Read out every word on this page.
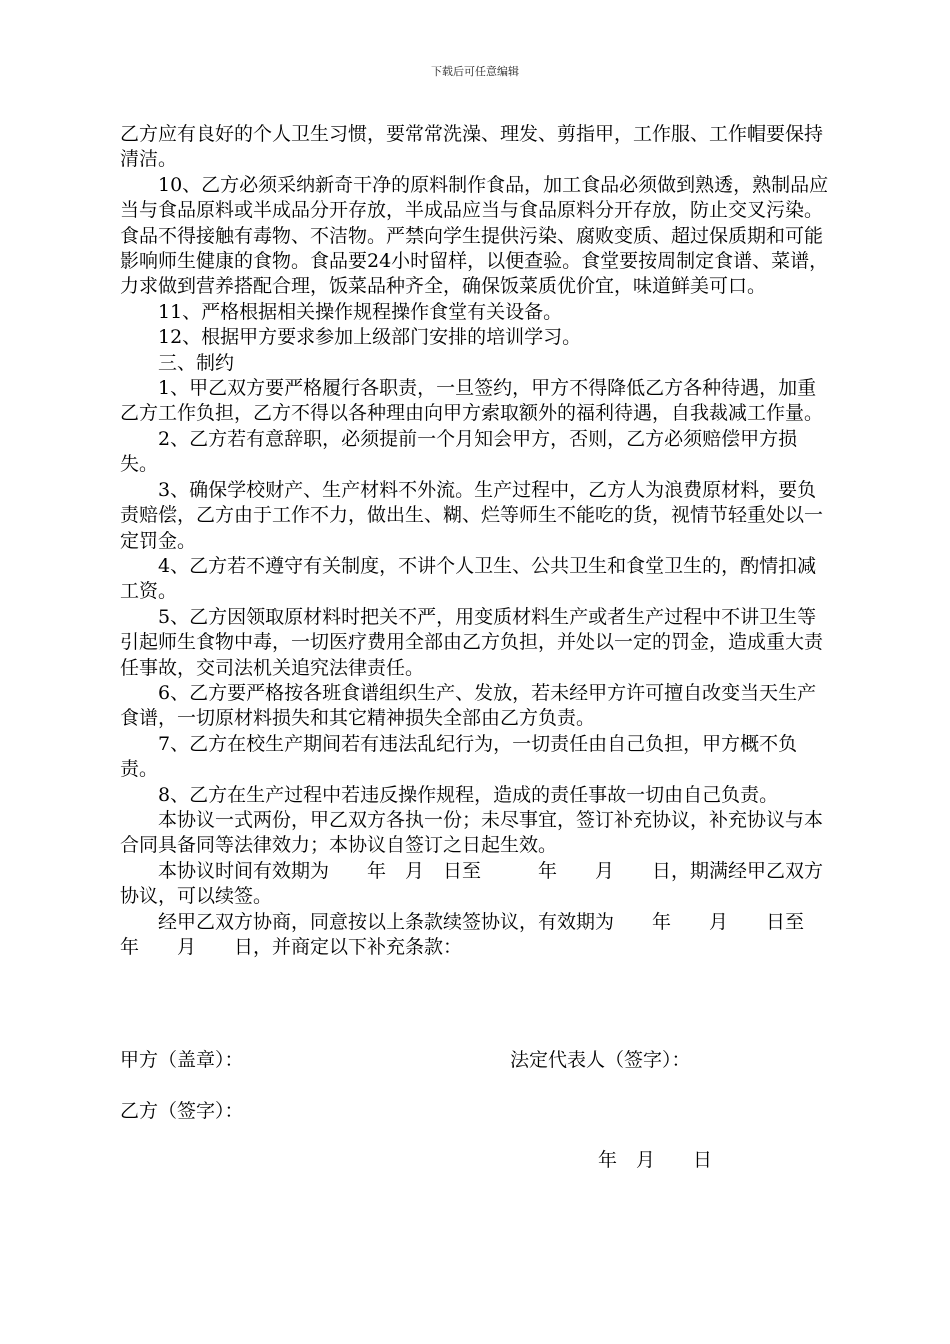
下载后可任意编辑

乙方应有良好的个人卫生习惯，要常常洗澡、理发、剪指甲，工作服、工作帽要保持清洁。

10、乙方必须采纳新奇干净的原料制作食品，加工食品必须做到熟透，熟制品应当与食品原料或半成品分开存放，半成品应当与食品原料分开存放，防止交叉污染。食品不得接触有毒物、不洁物。严禁向学生提供污染、腐败变质、超过保质期和可能影响师生健康的食物。食品要24小时留样，以便查验。食堂要按周制定食谱、菜谱，力求做到营养搭配合理，饭菜品种齐全，确保饭菜质优价宜，味道鲜美可口。

11、严格根据相关操作规程操作食堂有关设备。

12、根据甲方要求参加上级部门安排的培训学习。

三、制约

1、甲乙双方要严格履行各职责，一旦签约，甲方不得降低乙方各种待遇，加重乙方工作负担，乙方不得以各种理由向甲方索取额外的福利待遇，自我裁减工作量。

2、乙方若有意辞职，必须提前一个月知会甲方，否则，乙方必须赔偿甲方损失。

3、确保学校财产、生产材料不外流。生产过程中，乙方人为浪费原材料，要负责赔偿，乙方由于工作不力，做出生、糊、烂等师生不能吃的货，视情节轻重处以一定罚金。

4、乙方若不遵守有关制度，不讲个人卫生、公共卫生和食堂卫生的，酌情扣减工资。

5、乙方因领取原材料时把关不严，用变质材料生产或者生产过程中不讲卫生等引起师生食物中毒，一切医疗费用全部由乙方负担，并处以一定的罚金，造成重大责任事故，交司法机关追究法律责任。

6、乙方要严格按各班食谱组织生产、发放，若未经甲方许可擅自改变当天生产食谱，一切原材料损失和其它精神损失全部由乙方负责。

7、乙方在校生产期间若有违法乱纪行为，一切责任由自己负担，甲方概不负责。

8、乙方在生产过程中若违反操作规程，造成的责任事故一切由自己负责。

本协议一式两份，甲乙双方各执一份；未尽事宜，签订补充协议，补充协议与本合同具备同等法律效力；本协议自签订之日起生效。

本协议时间有效期为　　年　月　日至　　　年　　月　　日，期满经甲乙双方协议，可以续签。

经甲乙双方协商，同意按以上条款续签协议，有效期为　　年　　月　　日至　　年　　月　　日，并商定以下补充条款：

甲方（盖章）：	法定代表人（签字）：
乙方（签字）：
年　月　　日
